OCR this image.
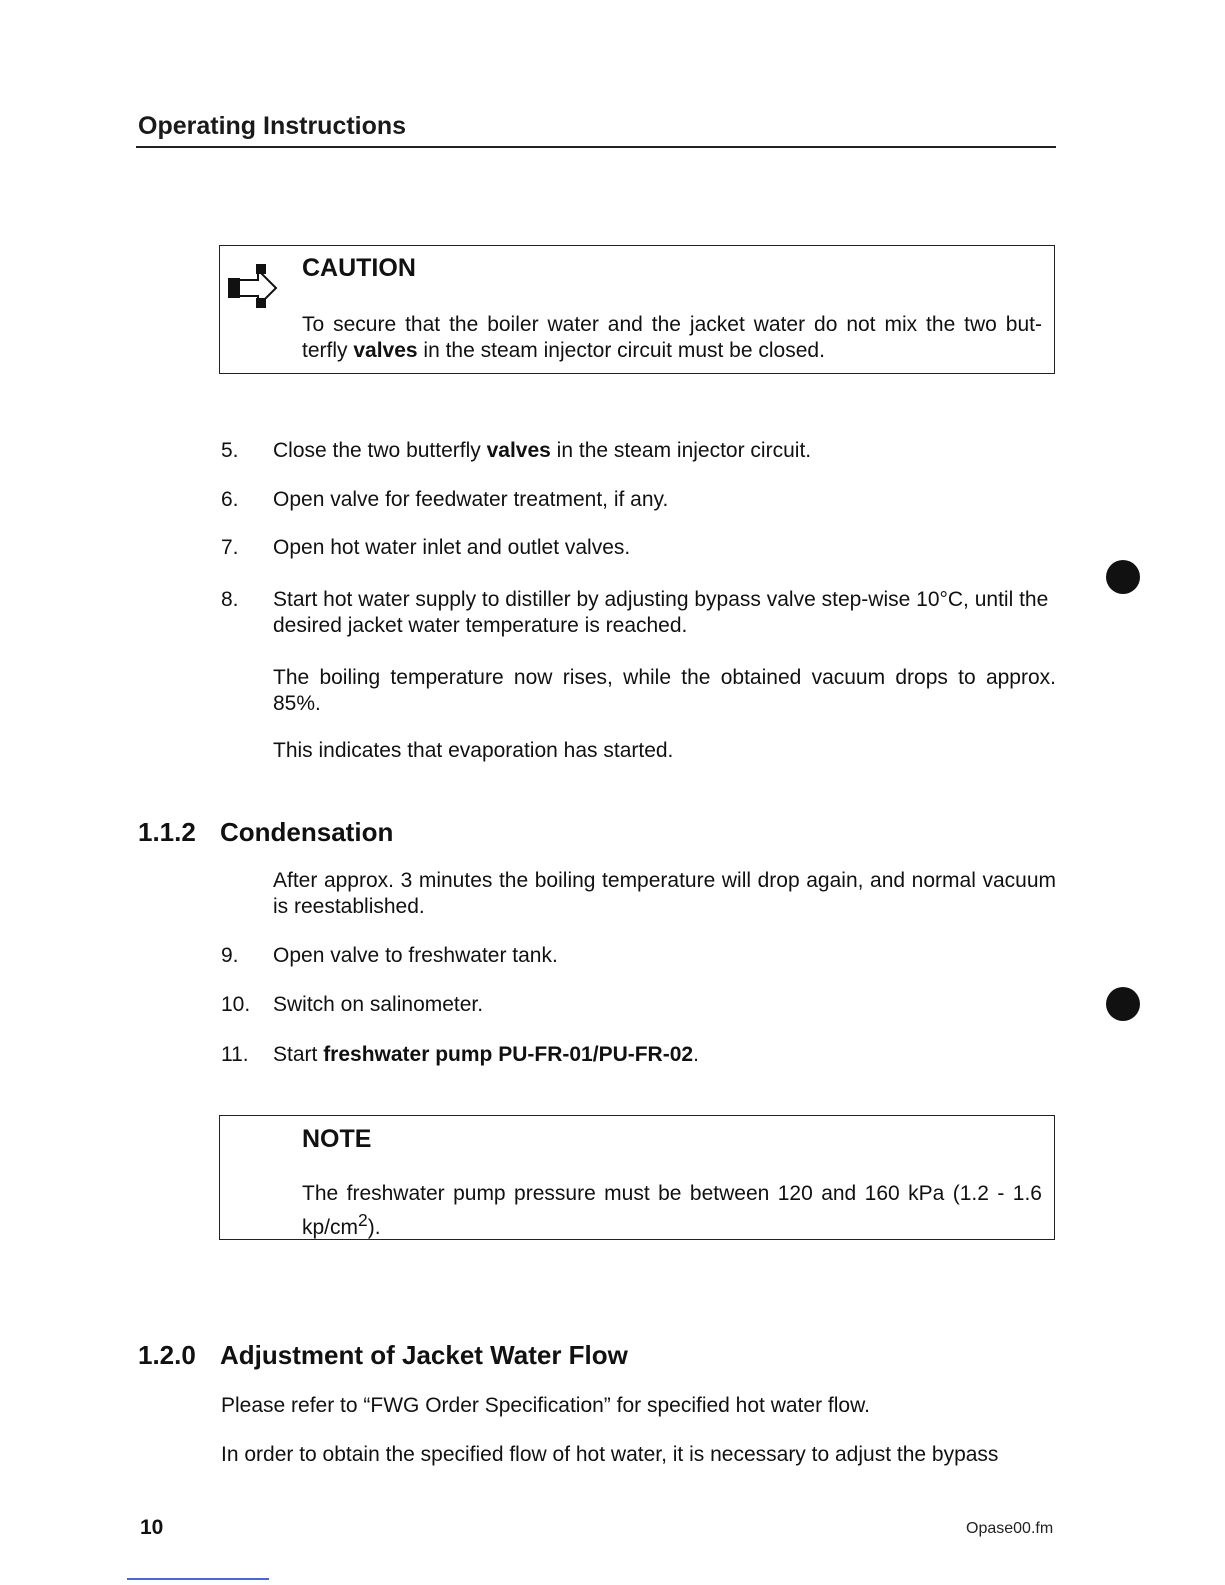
Operating Instructions
CAUTION
To secure that the boiler water and the jacket water do not mix the two but- terfly valves in the steam injector circuit must be closed.
5. Close the two butterfly valves in the steam injector circuit.
6. Open valve for feedwater treatment, if any.
7. Open hot water inlet and outlet valves.
8. Start hot water supply to distiller by adjusting bypass valve step-wise 10°C, until the desired jacket water temperature is reached.
The boiling temperature now rises, while the obtained vacuum drops to approx. 85%.
This indicates that evaporation has started.
1.1.2 Condensation
After approx. 3 minutes the boiling temperature will drop again, and normal vacuum is reestablished.
9. Open valve to freshwater tank.
10. Switch on salinometer.
11. Start freshwater pump PU-FR-01/PU-FR-02.
NOTE
The freshwater pump pressure must be between 120 and 160 kPa (1.2 - 1.6 $kp/cm^2$).
1.2.0 Adjustment of Jacket Water Flow
Please refer to “FWG Order Specification” for specified hot water flow.
In order to obtain the specified flow of hot water, it is necessary to adjust the bypass
10	Opase00.fm
